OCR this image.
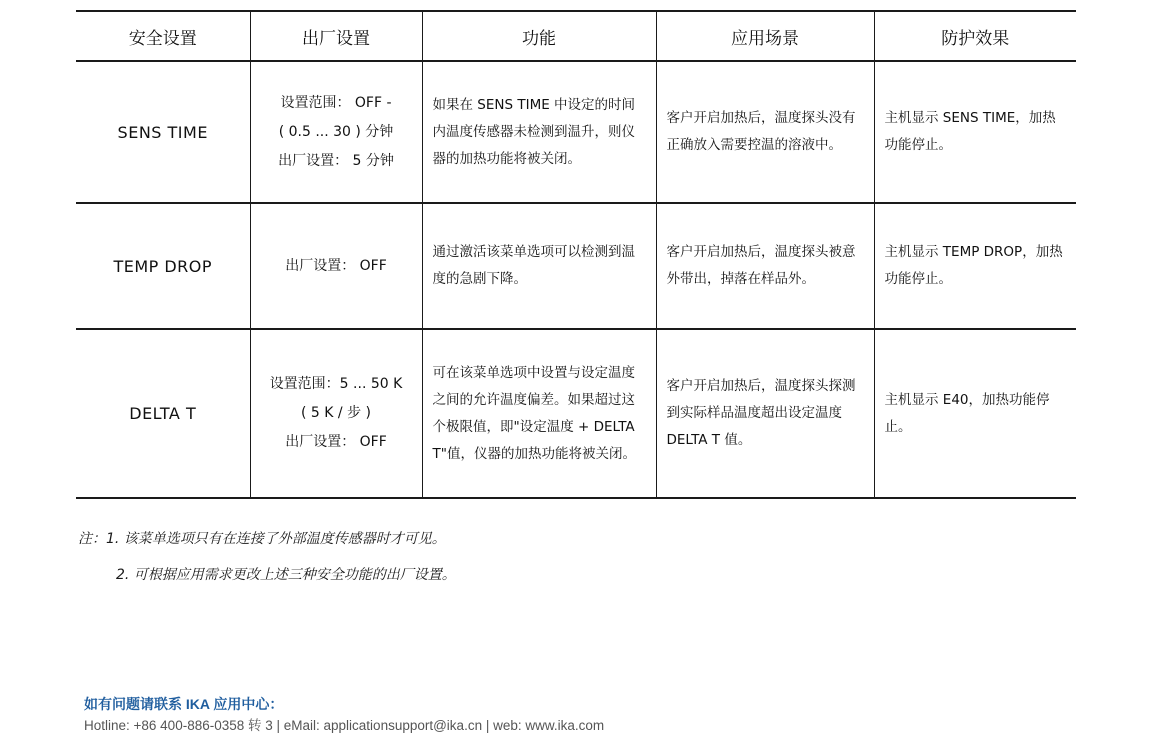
安全设置	出厂设置	功能	应用场景	防护效果
SENS TIME	设置范围： OFF -
( 0.5 ... 30 ) 分钟
出厂设置： 5 分钟	如果在 SENS TIME 中设定的时间内温度传感器未检测到温升，则仪器的加热功能将被关闭。	客户开启加热后，温度探头没有正确放入需要控温的溶液中。	主机显示 SENS TIME，加热功能停止。
TEMP DROP	出厂设置： OFF	通过激活该菜单选项可以检测到温度的急剧下降。	客户开启加热后，温度探头被意外带出，掉落在样品外。	主机显示 TEMP DROP，加热功能停止。
DELTA T	设置范围：5 ... 50 K
( 5 K / 步 )
出厂设置： OFF	可在该菜单选项中设置与设定温度之间的允许温度偏差。如果超过这个极限值，即"设定温度 + DELTA T"值，仪器的加热功能将被关闭。	客户开启加热后，温度探头探测到实际样品温度超出设定温度 DELTA T 值。	主机显示 E40，加热功能停止。
注：1. 该菜单选项只有在连接了外部温度传感器时才可见。
2. 可根据应用需求更改上述三种安全功能的出厂设置。
如有问题请联系 IKA 应用中心：
Hotline: +86 400-886-0358 转 3 | eMail: applicationsupport@ika.cn | web: www.ika.com
